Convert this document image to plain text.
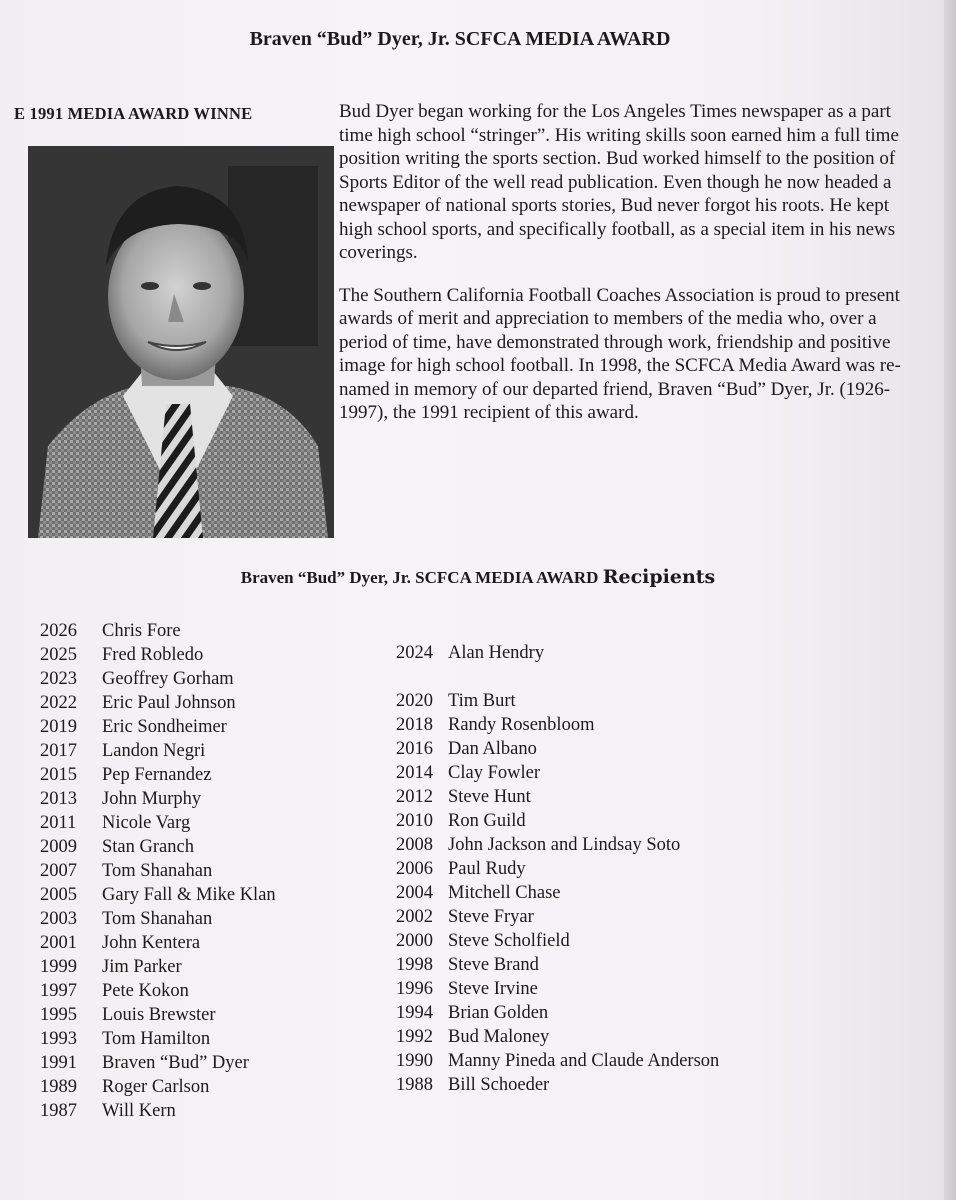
Braven “Bud” Dyer, Jr. SCFCA MEDIA AWARD
E 1991 MEDIA AWARD WINNE	Bud Dyer began working for the Los Angeles Times newspaper as a part time high school “stringer”. His writing skills soon earned him a full time position writing the sports section. Bud worked himself to the position of Sports Editor of the well read publication. Even though he now headed a newspaper of national sports stories, Bud never forgot his roots. He kept high school sports, and specifically football, as a special item in his news coverings.

The Southern California Football Coaches Association is proud to present awards of merit and appreciation to members of the media who, over a period of time, have demonstrated through work, friendship and positive image for high school football. In 1998, the SCFCA Media Award was re-named in memory of our departed friend, Braven “Bud” Dyer, Jr. (1926-1997), the 1991 recipient of this award.

Braven “Bud” Dyer, Jr. SCFCA MEDIA AWARD Recipients
2026	Chris Fore
2025	Fred Robledo
2023	Geoffrey Gorham
2022	Eric Paul Johnson
2019	Eric Sondheimer
2017	Landon Negri
2015	Pep Fernandez
2013	John Murphy
2011	Nicole Varg
2009	Stan Granch
2007	Tom Shanahan
2005	Gary Fall & Mike Klan
2003	Tom Shanahan
2001	John Kentera
1999	Jim Parker
1997	Pete Kokon
1995	Louis Brewster
1993	Tom Hamilton
1991	Braven “Bud” Dyer
1989	Roger Carlson
1987	Will Kern
2024 Alan Hendry
2020 Tim Burt
2018 Randy Rosenbloom
2016 Dan Albano
2014 Clay Fowler
2012 Steve Hunt
2010 Ron Guild
2008 John Jackson and Lindsay Soto
2006 Paul Rudy
2004 Mitchell Chase
2002 Steve Fryar
2000 Steve Scholfield
1998 Steve Brand
1996 Steve Irvine
1994 Brian Golden
1992 Bud Maloney
1990 Manny Pineda and Claude Anderson
1988 Bill Schoeder
